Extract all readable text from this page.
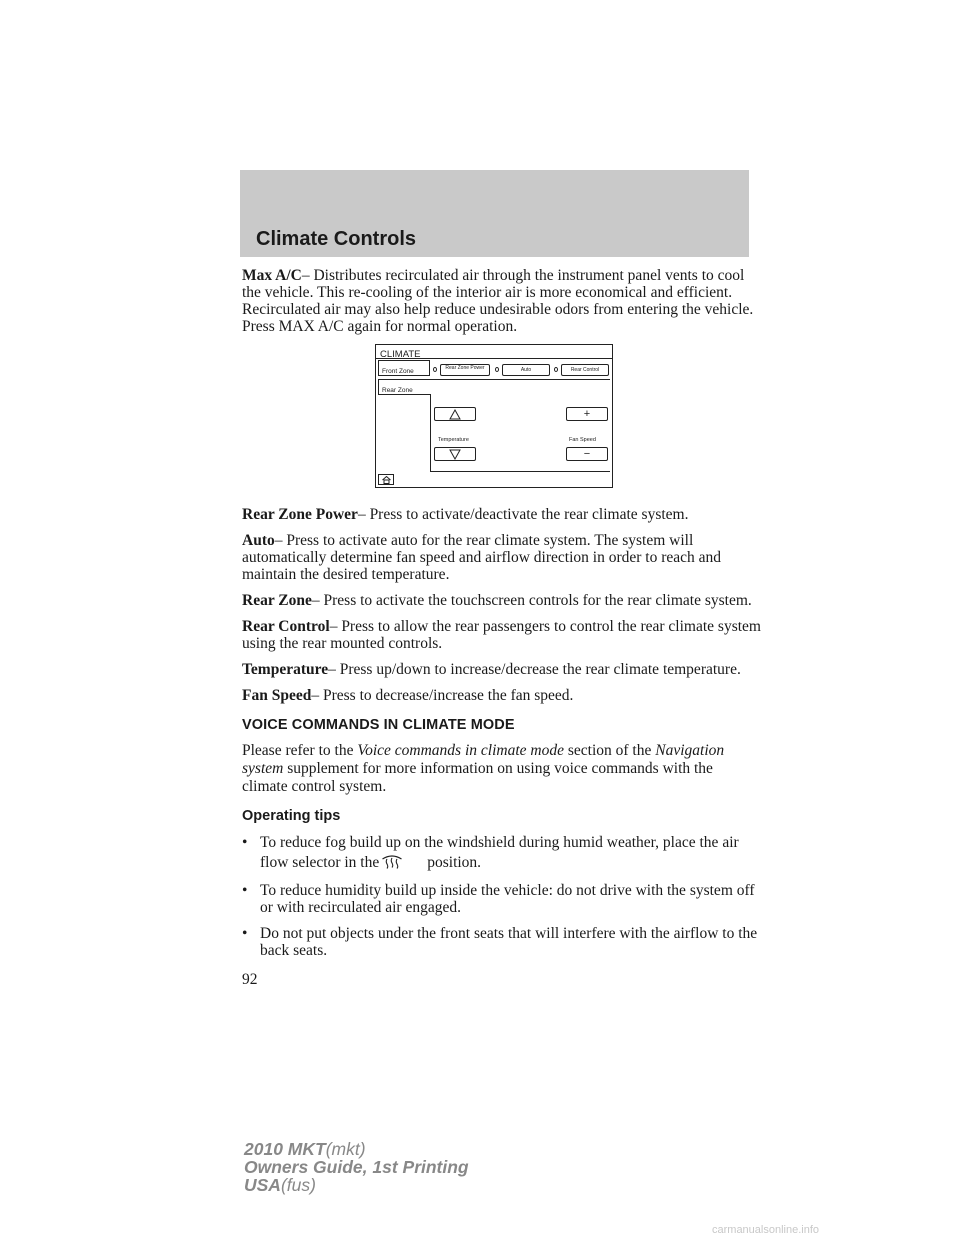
Climate Controls

Max A/C– Distributes recirculated air through the instrument panel vents to cool the vehicle. This re-cooling of the interior air is more economical and efficient. Recirculated air may also help reduce undesirable odors from entering the vehicle. Press MAX A/C again for normal operation.

CLIMATE
Front Zone
Rear Zone
Rear Zone Power	Auto	Rear Control
Temperature
+
Fan Speed
−

Rear Zone Power– Press to activate/deactivate the rear climate system.

Auto– Press to activate auto for the rear climate system. The system will automatically determine fan speed and airflow direction in order to reach and maintain the desired temperature.

Rear Zone– Press to activate the touchscreen controls for the rear climate system.

Rear Control– Press to allow the rear passengers to control the rear climate system using the rear mounted controls.

Temperature– Press up/down to increase/decrease the rear climate temperature.

Fan Speed– Press to decrease/increase the fan speed.

VOICE COMMANDS IN CLIMATE MODE

Please refer to the Voice commands in climate mode section of the Navigation system supplement for more information on using voice commands with the climate control system.

Operating tips
• To reduce fog build up on the windshield during humid weather, place the air flow selector in the	position.
• To reduce humidity build up inside the vehicle: do not drive with the system off or with recirculated air engaged.
• Do not put objects under the front seats that will interfere with the airflow to the back seats.
92
2010 MKT(mkt)
Owners Guide, 1st Printing
USA(fus)
carmanualsonline.info
